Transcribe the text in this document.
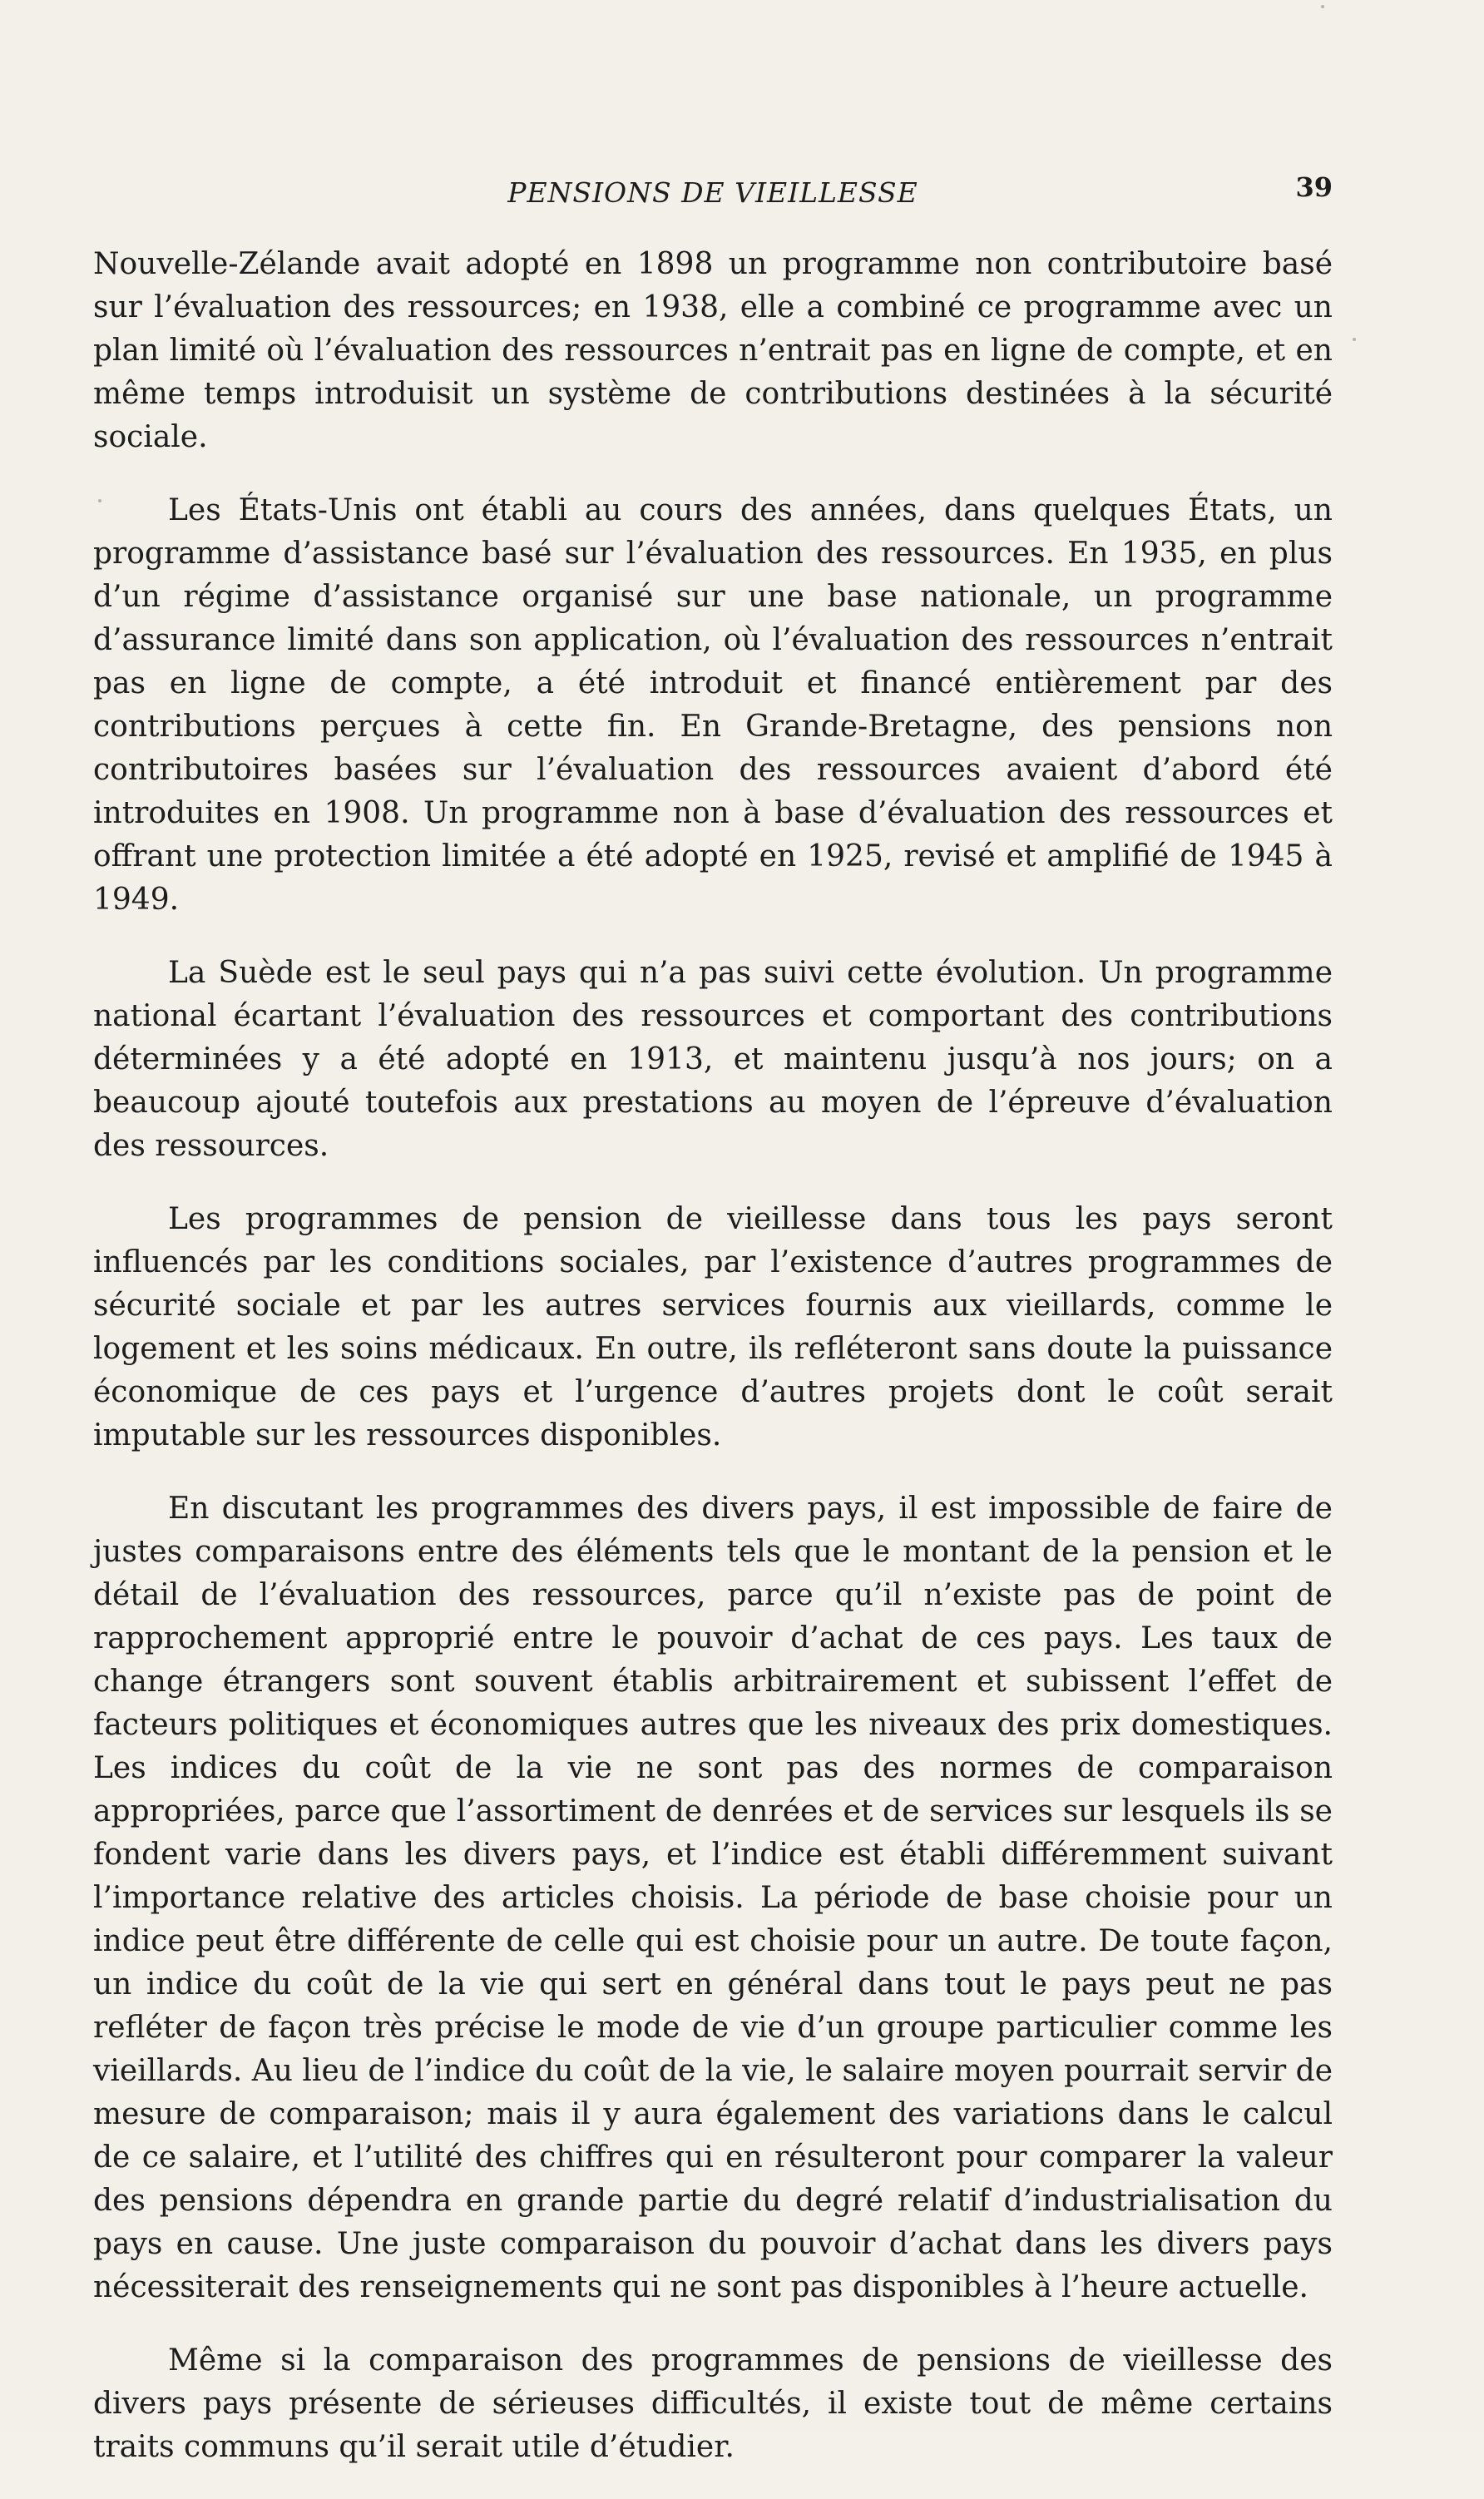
PENSIONS DE VIEILLESSE	39

Nouvelle-Zélande avait adopté en 1898 un programme non contributoire basé sur l’évaluation des ressources; en 1938, elle a combiné ce programme avec un plan limité où l’évaluation des ressources n’entrait pas en ligne de compte, et en même temps introduisit un système de contributions destinées à la sécurité sociale.

Les États-Unis ont établi au cours des années, dans quelques États, un programme d’assistance basé sur l’évaluation des ressources. En 1935, en plus d’un régime d’assistance organisé sur une base nationale, un programme d’assurance limité dans son application, où l’évaluation des ressources n’entrait pas en ligne de compte, a été introduit et financé entièrement par des contributions perçues à cette fin. En Grande-Bretagne, des pensions non contributoires basées sur l’évaluation des ressources avaient d’abord été introduites en 1908. Un programme non à base d’évaluation des ressources et offrant une protection limitée a été adopté en 1925, revisé et amplifié de 1945 à 1949.

La Suède est le seul pays qui n’a pas suivi cette évolution. Un programme national écartant l’évaluation des ressources et comportant des contributions déterminées y a été adopté en 1913, et maintenu jusqu’à nos jours; on a beaucoup ajouté toutefois aux prestations au moyen de l’épreuve d’évaluation des ressources.

Les programmes de pension de vieillesse dans tous les pays seront influencés par les conditions sociales, par l’existence d’autres programmes de sécurité sociale et par les autres services fournis aux vieillards, comme le logement et les soins médicaux. En outre, ils refléteront sans doute la puissance économique de ces pays et l’urgence d’autres projets dont le coût serait imputable sur les ressources disponibles.

En discutant les programmes des divers pays, il est impossible de faire de justes comparaisons entre des éléments tels que le montant de la pension et le détail de l’évaluation des ressources, parce qu’il n’existe pas de point de rapprochement approprié entre le pouvoir d’achat de ces pays. Les taux de change étrangers sont souvent établis arbitrairement et subissent l’effet de facteurs politiques et économiques autres que les niveaux des prix domestiques. Les indices du coût de la vie ne sont pas des normes de comparaison appropriées, parce que l’assortiment de denrées et de services sur lesquels ils se fondent varie dans les divers pays, et l’indice est établi différemment suivant l’importance relative des articles choisis. La période de base choisie pour un indice peut être différente de celle qui est choisie pour un autre. De toute façon, un indice du coût de la vie qui sert en général dans tout le pays peut ne pas refléter de façon très précise le mode de vie d’un groupe particulier comme les vieillards. Au lieu de l’indice du coût de la vie, le salaire moyen pourrait servir de mesure de comparaison; mais il y aura également des variations dans le calcul de ce salaire, et l’utilité des chiffres qui en résulteront pour comparer la valeur des pensions dépendra en grande partie du degré relatif d’industrialisation du pays en cause. Une juste comparaison du pouvoir d’achat dans les divers pays nécessiterait des renseignements qui ne sont pas disponibles à l’heure actuelle.

Même si la comparaison des programmes de pensions de vieillesse des divers pays présente de sérieuses difficultés, il existe tout de même certains traits communs qu’il serait utile d’étudier.
